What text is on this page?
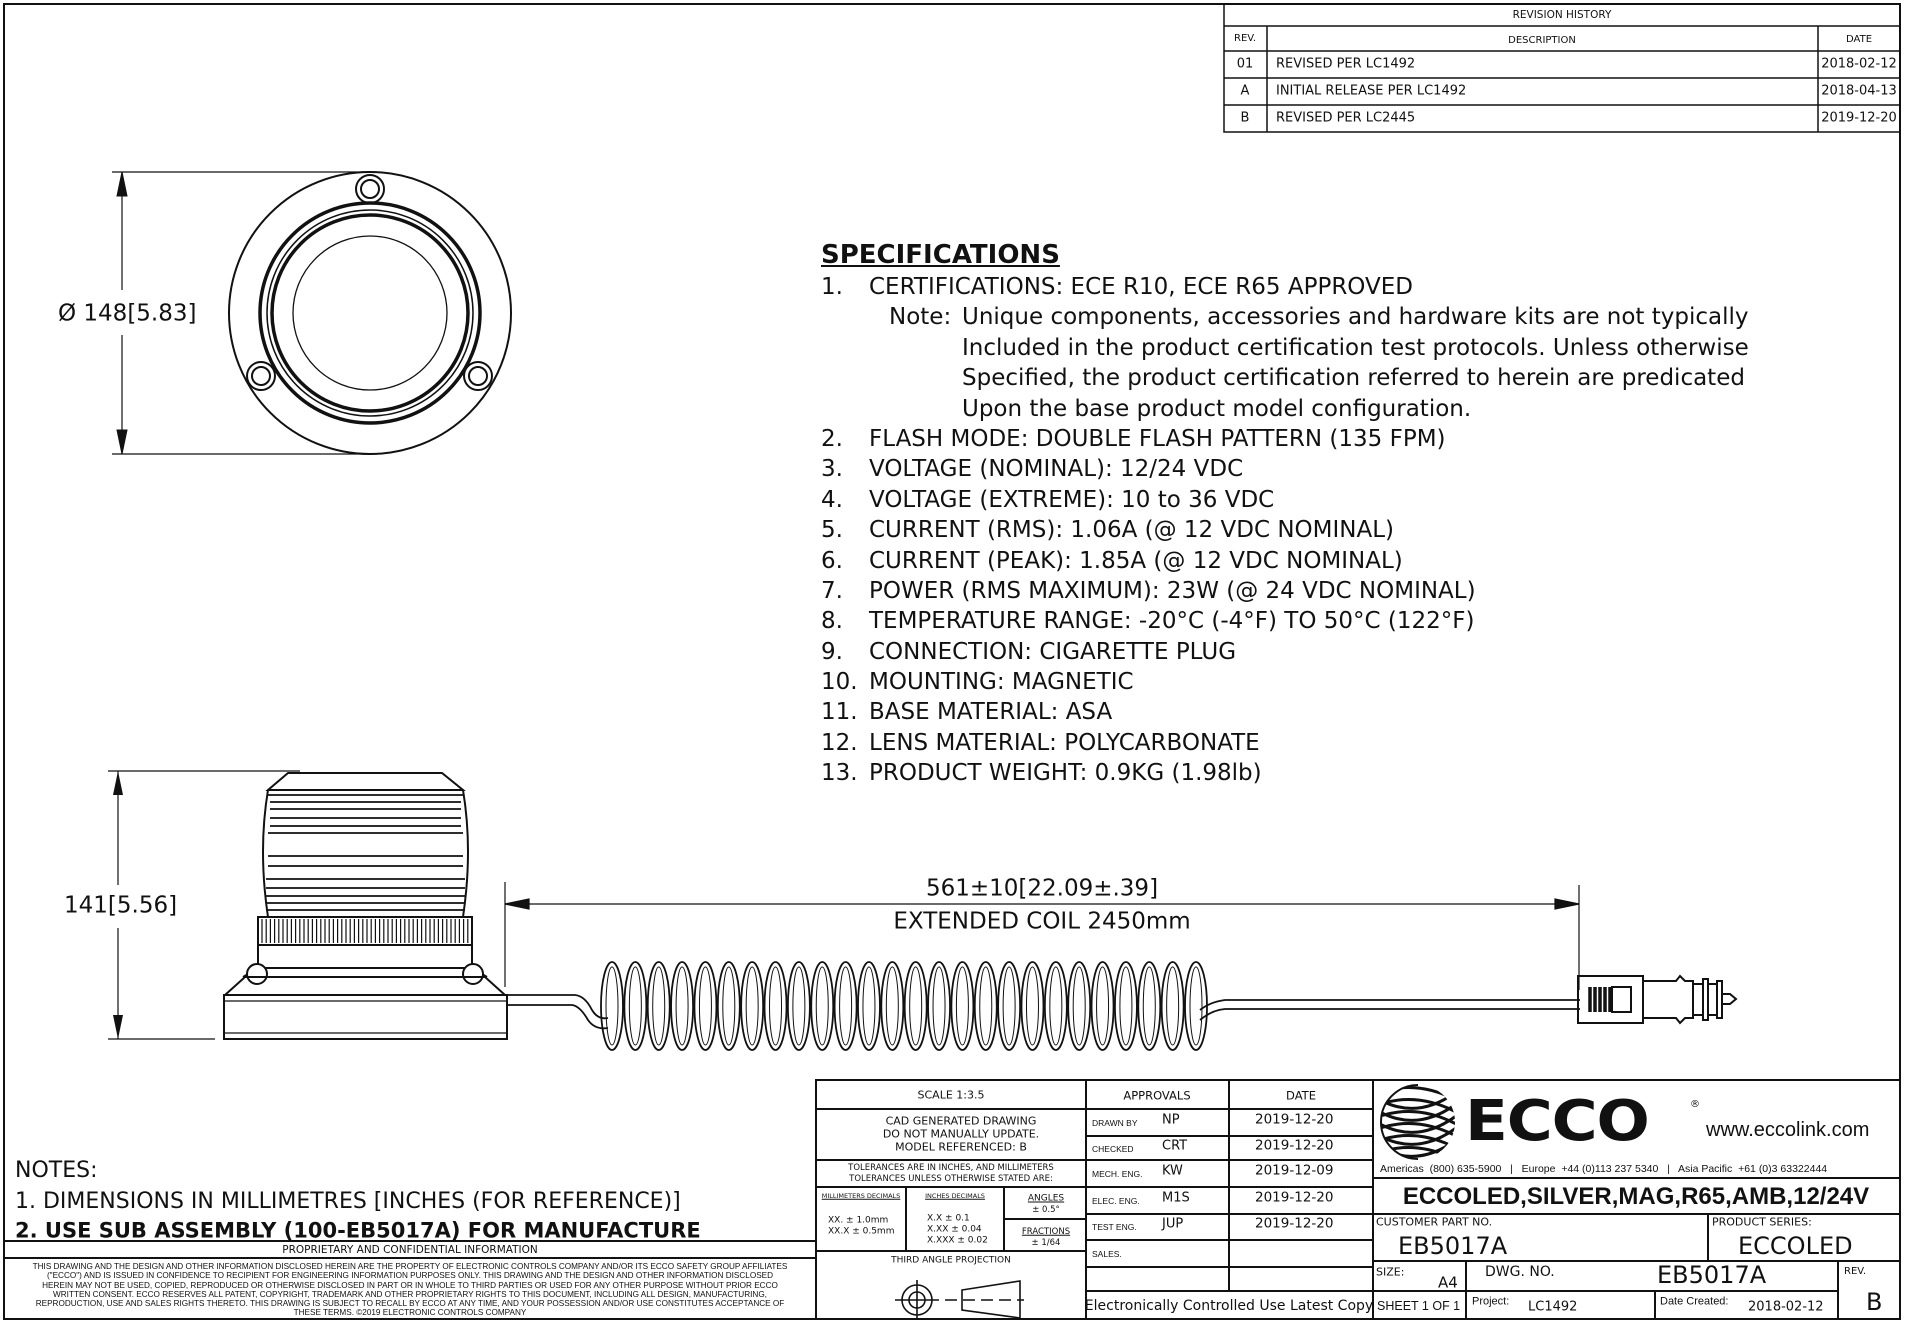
REVISION HISTORY
REV.	DESCRIPTION	DATE
01 REVISED PER LC1492	2018-02-12
A INITIAL RELEASE PER LC1492	2018-04-13
B REVISED PER LC2445	2019-12-20
Ø 148[5.83]
141[5.56]
561±10[22.09±.39]
EXTENDED COIL 2450mm
SPECIFICATIONS
1. CERTIFICATIONS: ECE R10, ECE R65 APPROVED
Note: Unique components, accessories and hardware kits are not typically
Included in the product certification test protocols. Unless otherwise
Specified, the product certification referred to herein are predicated
Upon the base product model configuration.
2. FLASH MODE: DOUBLE FLASH PATTERN (135 FPM)
3. VOLTAGE (NOMINAL): 12/24 VDC
4. VOLTAGE (EXTREME): 10 to 36 VDC
5. CURRENT (RMS): 1.06A (@ 12 VDC NOMINAL)
6. CURRENT (PEAK): 1.85A (@ 12 VDC NOMINAL)
7. POWER (RMS MAXIMUM): 23W (@ 24 VDC NOMINAL)
8. TEMPERATURE RANGE: -20°C (-4°F) TO 50°C (122°F)
9. CONNECTION: CIGARETTE PLUG
10. MOUNTING: MAGNETIC
11. BASE MATERIAL: ASA
12. LENS MATERIAL: POLYCARBONATE
13. PRODUCT WEIGHT: 0.9KG (1.98lb)
NOTES:
1. DIMENSIONS IN MILLIMETRES [INCHES (FOR REFERENCE)]
2. USE SUB ASSEMBLY (100-EB5017A) FOR MANUFACTURE
PROPRIETARY AND CONFIDENTIAL INFORMATION
THIS DRAWING AND THE DESIGN AND OTHER INFORMATION DISCLOSED HEREIN ARE THE PROPERTY OF ELECTRONIC CONTROLS COMPANY AND/OR ITS ECCO SAFETY GROUP AFFILIATES
("ECCO") AND IS ISSUED IN CONFIDENCE TO RECIPIENT FOR ENGINEERING INFORMATION PURPOSES ONLY. THIS DRAWING AND THE DESIGN AND OTHER INFORMATION DISCLOSED
HEREIN MAY NOT BE USED, COPIED, REPRODUCED OR OTHERWISE DISCLOSED IN PART OR IN WHOLE TO THIRD PARTIES OR USED FOR ANY OTHER PURPOSE WITHOUT PRIOR ECCO
WRITTEN CONSENT. ECCO RESERVES ALL PATENT, COPYRIGHT, TRADEMARK AND OTHER PROPRIETARY RIGHTS TO THIS DOCUMENT, INCLUDING ALL DESIGN, MANUFACTURING,
REPRODUCTION, USE AND SALES RIGHTS THERETO. THIS DRAWING IS SUBJECT TO RECALL BY ECCO AT ANY TIME, AND YOUR POSSESSION AND/OR USE CONSTITUTES ACCEPTANCE OF
THESE TERMS. ©2019 ELECTRONIC CONTROLS COMPANY
SCALE 1:3.5
CAD GENERATED DRAWING
DO NOT MANUALLY UPDATE.
MODEL REFERENCED: B
TOLERANCES ARE IN INCHES, AND MILLIMETERS
TOLERANCES UNLESS OTHERWISE STATED ARE:
MILLIMETERS DECIMALS
XX. ± 1.0mm
XX.X ± 0.5mm
INCHES DECIMALS
X.X ± 0.1
X.XX ± 0.04
X.XXX ± 0.02
ANGLES
± 0.5°
FRACTIONS
± 1/64
THIRD ANGLE PROJECTION
APPROVALS	DATE
DRAWN BY NP	2019-12-20
CHECKED CRT	2019-12-20
MECH. ENG. KW	2019-12-09
ELEC. ENG. M1S	2019-12-20
TEST ENG. JUP	2019-12-20
SALES.
Electronically Controlled Use Latest Copy
ECCO	®
www.eccolink.com
Americas  (800) 635-5900   |   Europe  +44 (0)113 237 5340   |   Asia Pacific  +61 (0)3 63322444
ECCOLED,SILVER,MAG,R65,AMB,12/24V
CUSTOMER PART NO.
EB5017A
PRODUCT SERIES:
ECCOLED
SIZE:
A4
DWG. NO.	EB5017A	REV.
B
SHEET 1 OF 1 Project: LC1492	Date Created: 2018-02-12
